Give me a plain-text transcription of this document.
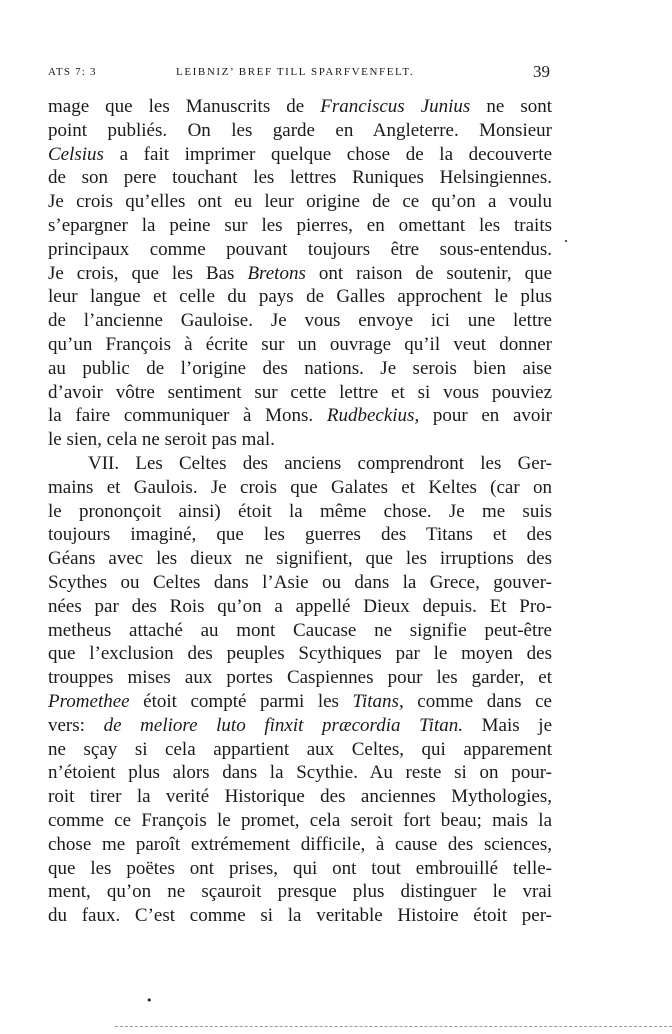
ATS 7: 3	LEIBNIZ’ BREF TILL SPARFVENFELT.	39
mage que les Manuscrits de Franciscus Junius ne sont
point publiés. On les garde en Angleterre. Monsieur
Celsius a fait imprimer quelque chose de la decouverte
de son pere touchant les lettres Runiques Helsingiennes.
Je crois qu’elles ont eu leur origine de ce qu’on a voulu
s’epargner la peine sur les pierres, en omettant les traits
principaux comme pouvant toujours être sous-entendus.
Je crois, que les Bas Bretons ont raison de soutenir, que
leur langue et celle du pays de Galles approchent le plus
de l’ancienne Gauloise. Je vous envoye ici une lettre
qu’un François à écrite sur un ouvrage qu’il veut donner
au public de l’origine des nations. Je serois bien aise
d’avoir vôtre sentiment sur cette lettre et si vous pouviez
la faire communiquer à Mons. Rudbeckius, pour en avoir
le sien, cela ne seroit pas mal.
VII. Les Celtes des anciens comprendront les Ger-
mains et Gaulois. Je crois que Galates et Keltes (car on
le prononçoit ainsi) étoit la même chose. Je me suis
toujours imaginé, que les guerres des Titans et des
Géans avec les dieux ne signifient, que les irruptions des
Scythes ou Celtes dans l’Asie ou dans la Grece, gouver-
nées par des Rois qu’on a appellé Dieux depuis. Et Pro-
metheus attaché au mont Caucase ne signifie peut-être
que l’exclusion des peuples Scythiques par le moyen des
trouppes mises aux portes Caspiennes pour les garder, et
Promethee étoit compté parmi les Titans, comme dans ce
vers: de meliore luto finxit præcordia Titan. Mais je
ne sçay si cela appartient aux Celtes, qui apparement
n’étoient plus alors dans la Scythie. Au reste si on pour-
roit tirer la verité Historique des anciennes Mythologies,
comme ce François le promet, cela seroit fort beau; mais la
chose me paroît extrémement difficile, à cause des sciences,
que les poëtes ont prises, qui ont tout embrouillé telle-
ment, qu’on ne sçauroit presque plus distinguer le vrai
du faux. C’est comme si la veritable Histoire étoit per-
•
